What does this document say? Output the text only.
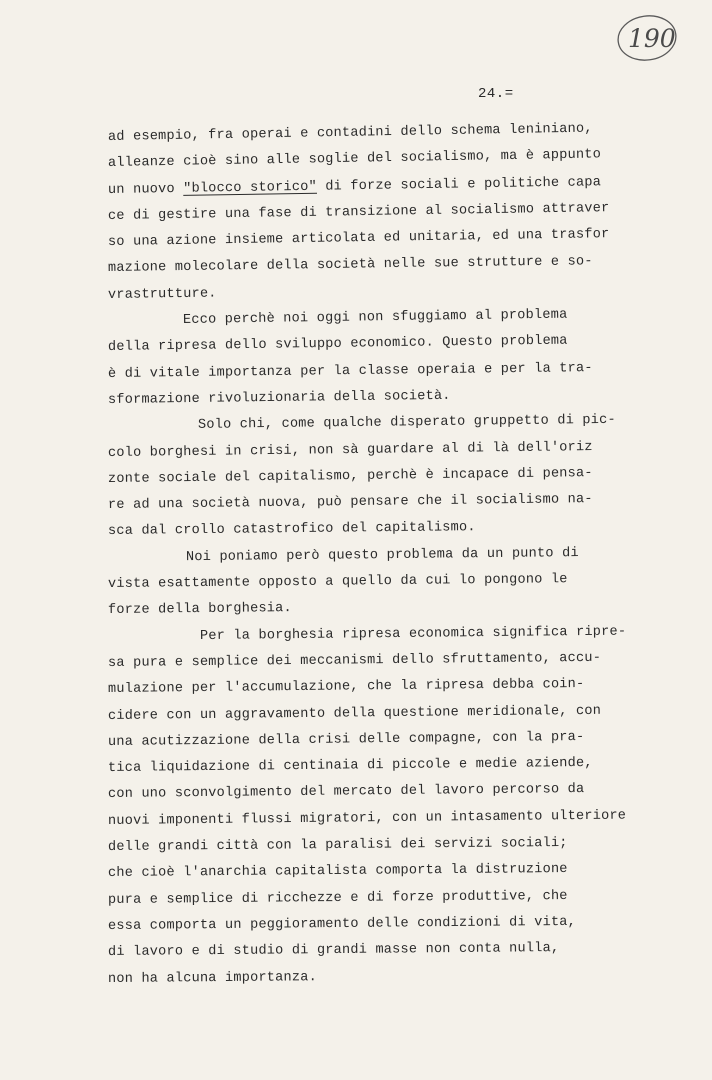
190
24.=
ad esempio, fra operai e contadini dello schema leniniano,
alleanze cioè sino alle soglie del socialismo, ma è appunto
un nuovo "blocco storico" di forze sociali e politiche capa
ce di gestire una fase di transizione al socialismo attraver
so una azione insieme articolata ed unitaria, ed una trasfor
mazione molecolare della società nelle sue strutture e so-
vrastrutture.
Ecco perchè noi oggi non sfuggiamo al problema
della ripresa dello sviluppo economico. Questo problema
è di vitale importanza per la classe operaia e per la tra-
sformazione rivoluzionaria della società.
Solo chi, come qualche disperato gruppetto di pic-
colo borghesi in crisi, non sà guardare al di là dell'oriz
zonte sociale del capitalismo, perchè è incapace di pensa-
re ad una società nuova, può pensare che il socialismo na-
sca dal crollo catastrofico del capitalismo.
Noi poniamo però questo problema da un punto di
vista esattamente opposto a quello da cui lo pongono le
forze della borghesia.
Per la borghesia ripresa economica significa ripre-
sa pura e semplice dei meccanismi dello sfruttamento, accu-
mulazione per l'accumulazione, che la ripresa debba coin-
cidere con un aggravamento della questione meridionale, con
una acutizzazione della crisi delle compagne, con la pra-
tica liquidazione di centinaia di piccole e medie aziende,
con uno sconvolgimento del mercato del lavoro percorso da
nuovi imponenti flussi migratori, con un intasamento ulteriore
delle grandi città con la paralisi dei servizi sociali;
che cioè l'anarchia capitalista comporta la distruzione
pura e semplice di ricchezze e di forze produttive, che
essa comporta un peggioramento delle condizioni di vita,
di lavoro e di studio di grandi masse non conta nulla,
non ha alcuna importanza.
